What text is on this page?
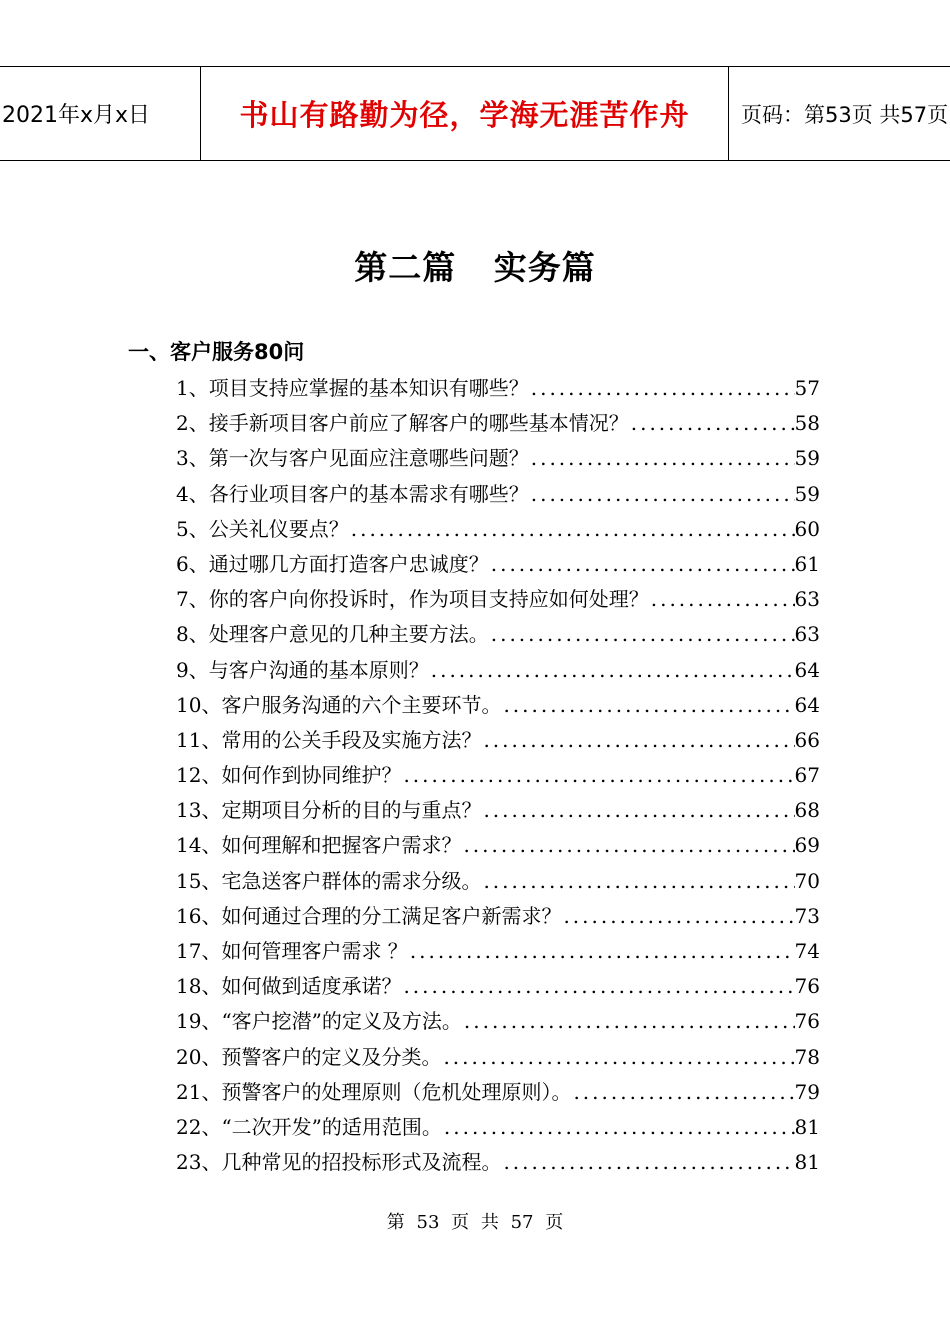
2021年x月x日	书山有路勤为径，学海无涯苦作舟	页码：第53页 共57页
第二篇   实务篇
一、客户服务80问
1、项目支持应掌握的基本知识有哪些？ .....	57
2、接手新项目客户前应了解客户的哪些基本情况？ .....	58
3、第一次与客户见面应注意哪些问题？ .....	59
4、各行业项目客户的基本需求有哪些？ .....	59
5、公关礼仪要点？ .....	60
6、通过哪几方面打造客户忠诚度？ .....	61
7、你的客户向你投诉时，作为项目支持应如何处理？ .....	63
8、处理客户意见的几种主要方法。 .....	63
9、与客户沟通的基本原则？ .....	64
10、客户服务沟通的六个主要环节。 .....	64
11、常用的公关手段及实施方法？ .....	66
12、如何作到协同维护？ .....	67
13、定期项目分析的目的与重点？ .....	68
14、如何理解和把握客户需求？ .....	69
15、宅急送客户群体的需求分级。 .....	70
16、如何通过合理的分工满足客户新需求？ .....	73
17、如何管理客户需求 ？ .....	74
18、如何做到适度承诺？ .....	76
19、“客户挖潜”的定义及方法。 .....	76
20、预警客户的定义及分类。 .....	78
21、预警客户的处理原则（危机处理原则）。 .....	79
22、“二次开发”的适用范围。 .....	81
23、几种常见的招投标形式及流程。 .....	81
第 53 页 共 57 页
